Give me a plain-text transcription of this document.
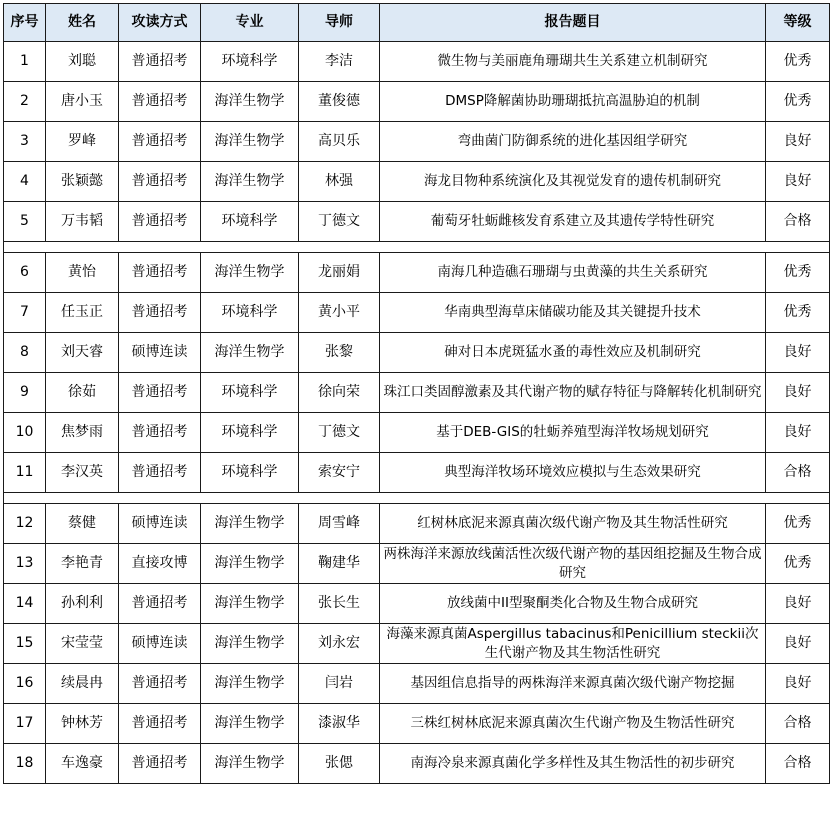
序号	姓名	攻读方式	专业	导师	报告题目	等级
1	刘聪	普通招考	环境科学	李洁	微生物与美丽鹿角珊瑚共生关系建立机制研究	优秀
2	唐小玉	普通招考	海洋生物学	董俊德	DMSP降解菌协助珊瑚抵抗高温胁迫的机制	优秀
3	罗峰	普通招考	海洋生物学	高贝乐	弯曲菌门防御系统的进化基因组学研究	良好
4	张颖懿	普通招考	海洋生物学	林强	海龙目物种系统演化及其视觉发育的遗传机制研究	良好
5	万韦韬	普通招考	环境科学	丁德文	葡萄牙牡蛎雌核发育系建立及其遗传学特性研究	合格

6	黄怡	普通招考	海洋生物学	龙丽娟	南海几种造礁石珊瑚与虫黄藻的共生关系研究	优秀
7	任玉正	普通招考	环境科学	黄小平	华南典型海草床储碳功能及其关键提升技术	优秀
8	刘天睿	硕博连读	海洋生物学	张黎	砷对日本虎斑猛水蚤的毒性效应及机制研究	良好
9	徐茹	普通招考	环境科学	徐向荣	珠江口类固醇激素及其代谢产物的赋存特征与降解转化机制研究	良好
10	焦梦雨	普通招考	环境科学	丁德文	基于DEB-GIS的牡蛎养殖型海洋牧场规划研究	良好
11	李汉英	普通招考	环境科学	索安宁	典型海洋牧场环境效应模拟与生态效果研究	合格

12	蔡健	硕博连读	海洋生物学	周雪峰	红树林底泥来源真菌次级代谢产物及其生物活性研究	优秀
13	李艳青	直接攻博	海洋生物学	鞠建华	两株海洋来源放线菌活性次级代谢产物的基因组挖掘及生物合成研究	优秀
14	孙利利	普通招考	海洋生物学	张长生	放线菌中II型聚酮类化合物及生物合成研究	良好
15	宋莹莹	硕博连读	海洋生物学	刘永宏	海藻来源真菌Aspergillus tabacinus和Penicillium steckii次生代谢产物及其生物活性研究	良好
16	续晨冉	普通招考	海洋生物学	闫岩	基因组信息指导的两株海洋来源真菌次级代谢产物挖掘	良好
17	钟林芳	普通招考	海洋生物学	漆淑华	三株红树林底泥来源真菌次生代谢产物及生物活性研究	合格
18	车逸豪	普通招考	海洋生物学	张偲	南海冷泉来源真菌化学多样性及其生物活性的初步研究	合格
